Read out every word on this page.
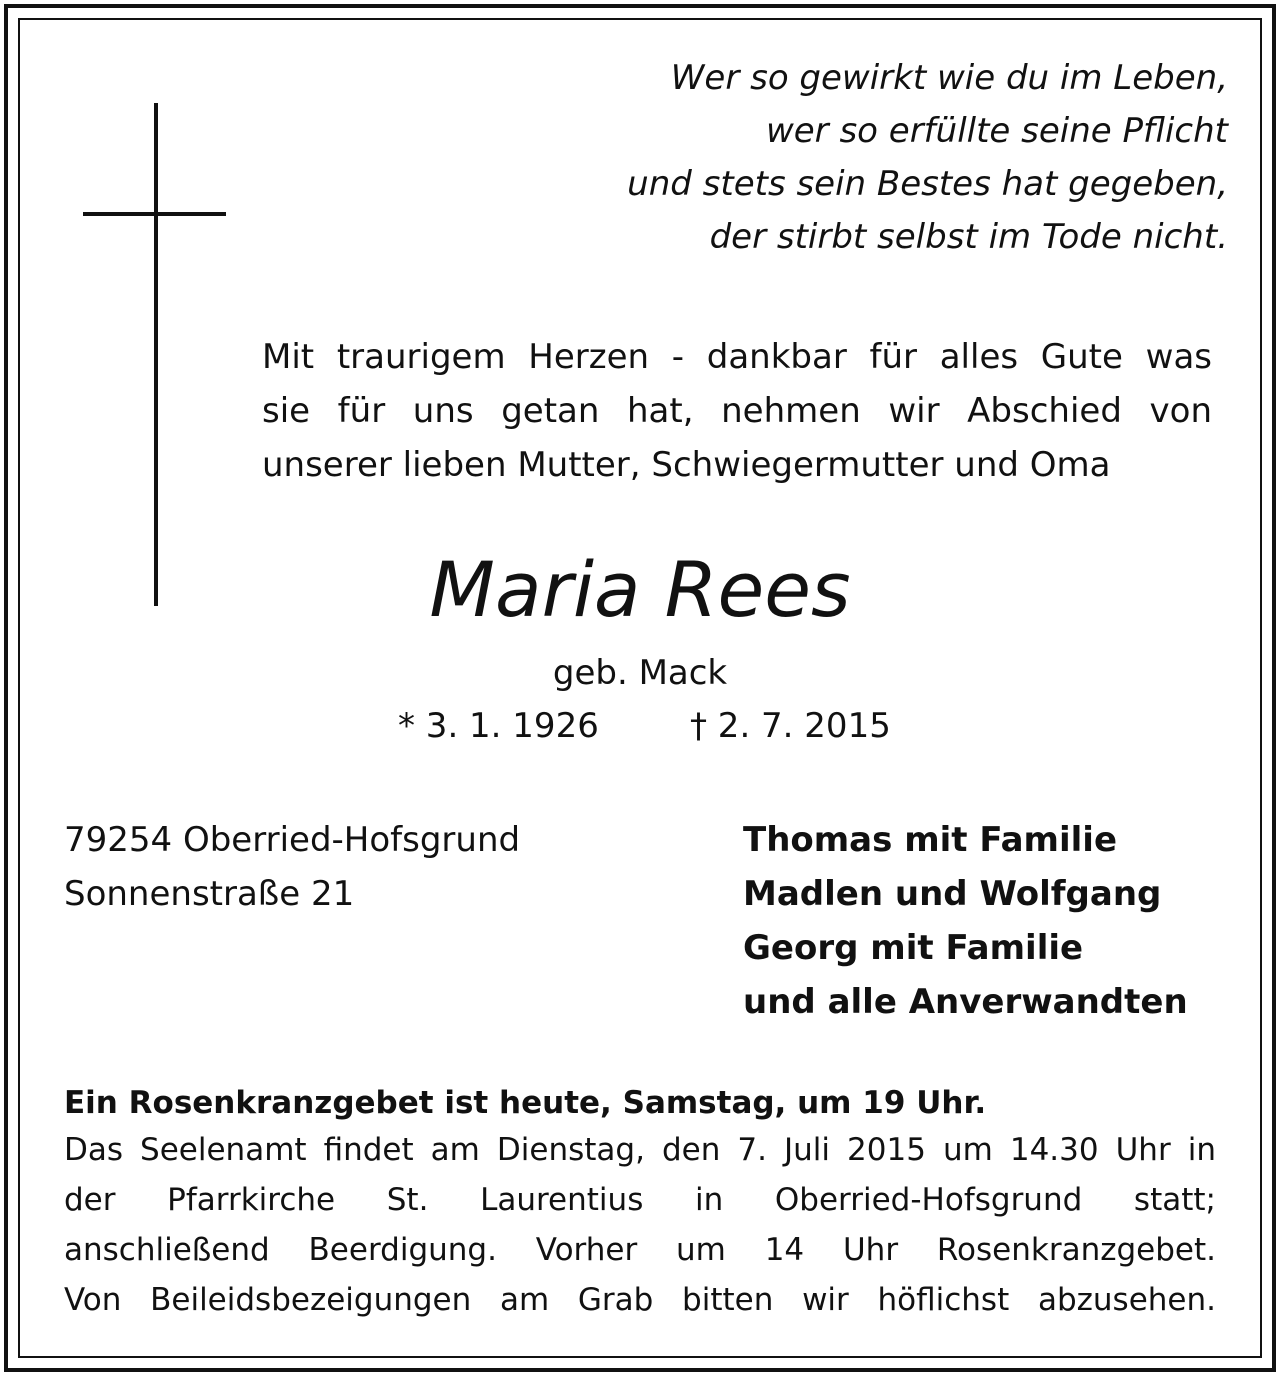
Wer so gewirkt wie du im Leben,
wer so erfüllte seine Pflicht
und stets sein Bestes hat gegeben,
der stirbt selbst im Tode nicht.
Mit traurigem Herzen - dankbar für alles Gute was
sie für uns getan hat, nehmen wir Abschied von
unserer lieben Mutter, Schwiegermutter und Oma
Maria Rees
geb. Mack
* 3. 1. 1926	† 2. 7. 2015
79254 Oberried-Hofsgrund
Sonnenstraße 21
Thomas mit Familie
Madlen und Wolfgang
Georg mit Familie
und alle Anverwandten
Ein Rosenkranzgebet ist heute, Samstag, um 19 Uhr.
Das Seelenamt findet am Dienstag, den 7. Juli 2015 um 14.30 Uhr in
der Pfarrkirche St. Laurentius in Oberried-Hofsgrund statt;
anschließend Beerdigung. Vorher um 14 Uhr Rosenkranzgebet.
Von Beileidsbezeigungen am Grab bitten wir höflichst abzusehen.
